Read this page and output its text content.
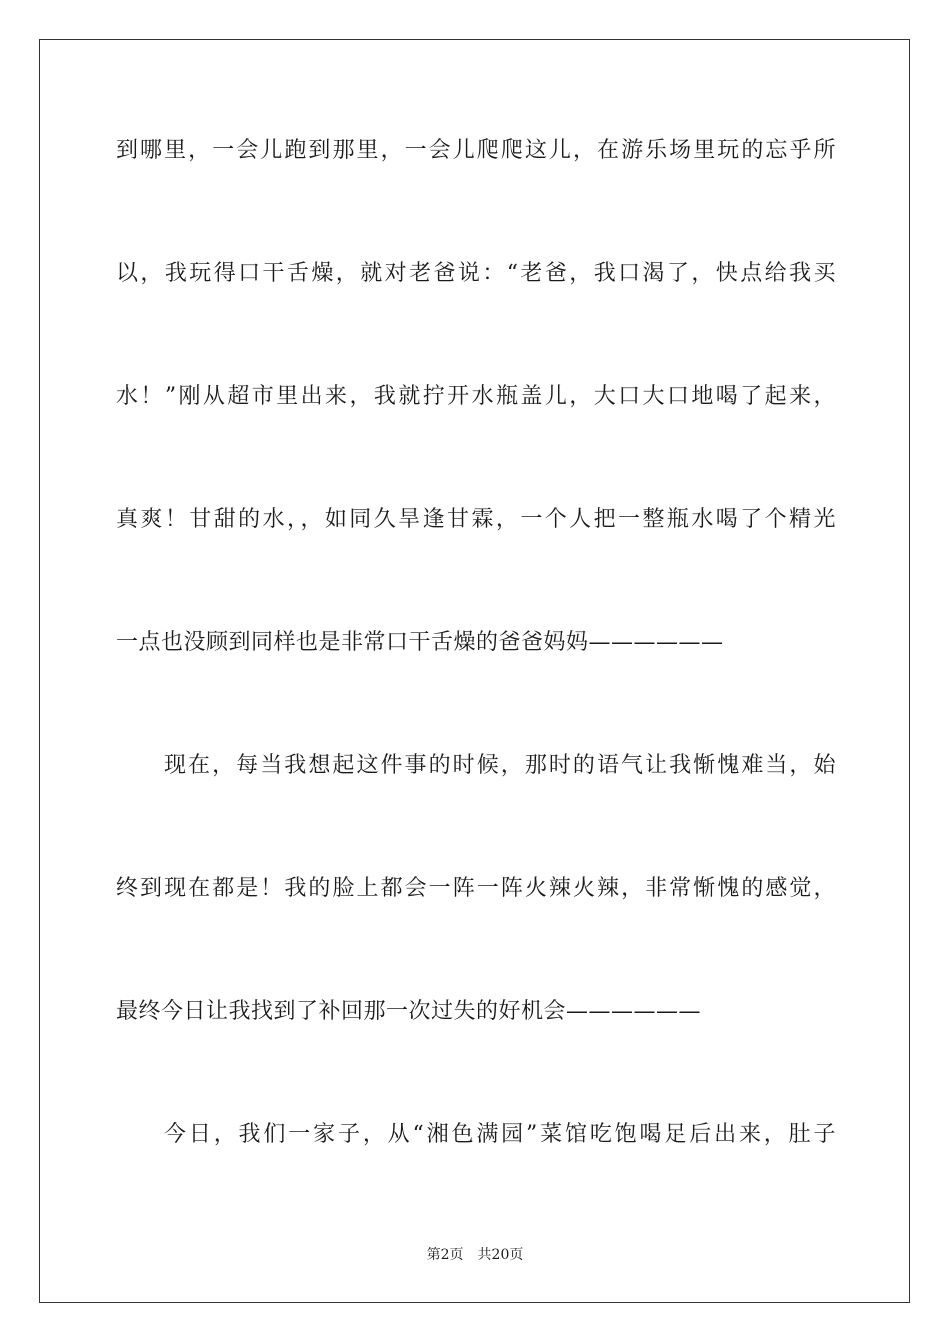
到哪里，一会儿跑到那里，一会儿爬爬这儿，在游乐场里玩的忘乎所
以，我玩得口干舌燥，就对老爸说：“老爸，我口渴了，快点给我买
水！”刚从超市里出来，我就拧开水瓶盖儿，大口大口地喝了起来，
真爽！甘甜的水，，如同久旱逢甘霖，一个人把一整瓶水喝了个精光
一点也没顾到同样也是非常口干舌燥的爸爸妈妈——————
现在，每当我想起这件事的时候，那时的语气让我惭愧难当，始
终到现在都是！我的脸上都会一阵一阵火辣火辣，非常惭愧的感觉，
最终今日让我找到了补回那一次过失的好机会——————
今日，我们一家子，从“湘色满园”菜馆吃饱喝足后出来，肚子
第2页 共20页
